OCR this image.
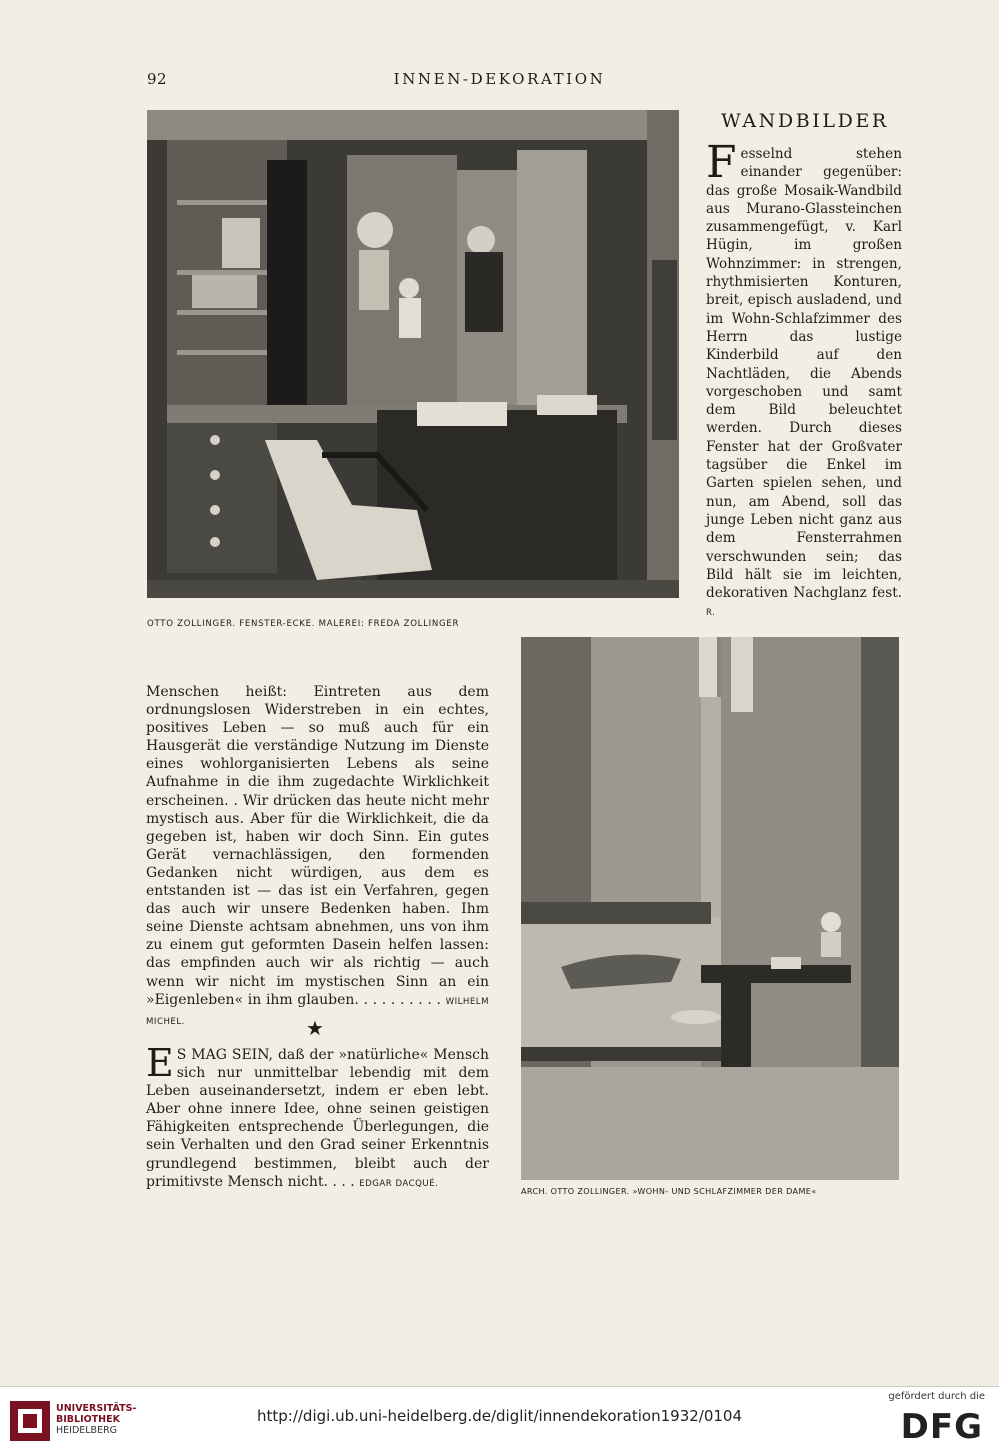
92	INNEN-DEKORATION
OTTO ZOLLINGER. FENSTER-ECKE. MALEREI: FREDA ZOLLINGER
WANDBILDER

Fesselnd stehen einander gegenüber: das große Mosaik-Wandbild aus Murano-Glassteinchen zusammengefügt, v. Karl Hügin, im großen Wohnzimmer: in strengen, rhythmisierten Konturen, breit, episch ausladend, und im Wohn-Schlafzimmer des Herrn das lustige Kinderbild auf den Nachtläden, die Abends vorgeschoben und samt dem Bild beleuchtet werden. Durch dieses Fenster hat der Großvater tagsüber die Enkel im Garten spielen sehen, und nun, am Abend, soll das junge Leben nicht ganz aus dem Fensterrahmen verschwunden sein; das Bild hält sie im leichten, dekorativen Nachglanz fest. R.

Menschen heißt: Eintreten aus dem ordnungslosen Widerstreben in ein echtes, positives Leben — so muß auch für ein Hausgerät die verständige Nutzung im Dienste eines wohlorganisierten Lebens als seine Aufnahme in die ihm zugedachte Wirklichkeit erscheinen. . Wir drücken das heute nicht mehr mystisch aus. Aber für die Wirklichkeit, die da gegeben ist, haben wir doch Sinn. Ein gutes Gerät vernachlässigen, den formenden Gedanken nicht würdigen, aus dem es entstanden ist — das ist ein Verfahren, gegen das auch wir unsere Bedenken haben. Ihm seine Dienste achtsam abnehmen, uns von ihm zu einem gut geformten Dasein helfen lassen: das empfinden auch wir als richtig — auch wenn wir nicht im mystischen Sinn an ein »Eigenleben« in ihm glauben. . . . . . . . . . WILHELM MICHEL.	★

E S MAG SEIN, daß der »natürliche« Mensch sich nur unmittelbar lebendig mit dem Leben auseinandersetzt, indem er eben lebt. Aber ohne innere Idee, ohne seinen geistigen Fähigkeiten entsprechende Überlegungen, die sein Verhalten und den Grad seiner Erkenntnis grundlegend bestimmen, bleibt auch der primitivste Mensch nicht. . . . EDGAR DACQUÉ.

ARCH. OTTO ZOLLINGER. »WOHN- UND SCHLAFZIMMER DER DAME«
UNIVERSITÄTS-
BIBLIOTHEK
HEIDELBERG
http://digi.ub.uni-heidelberg.de/diglit/innendekoration1932/0104
gefördert durch die
DFG
